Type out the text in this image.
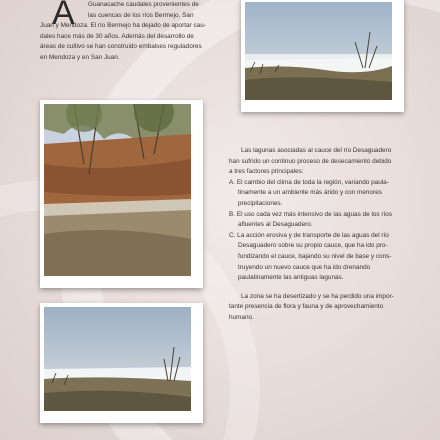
A	Guanacache caudales provenientes de
las cuencas de los ríos Bermejo, San
Juan y Mendoza. El río Bermejo ha dejado de aportar cau-
dales hace más de 30 años. Además del desarrollo de
áreas de cultivo se han construido embalses reguladores
en Mendoza y en San Juan.
Las lagunas asociadas al cauce del río Desaguadero
han sufrido un continuo proceso de desecamiento debido
a tres factores principales:
A. El cambio del clima de toda la región, variando paula-
tinamente a un ambiente más árido y con menores
precipitaciones.
B. El uso cada vez más intensivo de las aguas de los ríos
afluentes al Desaguadero.
C. La acción erosiva y de transporte de las aguas del río
Desaguadero sobre su propio cauce, que ha ido pro-
fundizando el cauce, bajando su nivel de base y cons-
truyendo un nuevo cauce que ha ido drenando
paulatinamente las antiguas lagunas.
La zona se ha desertizado y se ha perdido una impor-
tante presencia de flora y fauna y de aprovechamiento
humano.
